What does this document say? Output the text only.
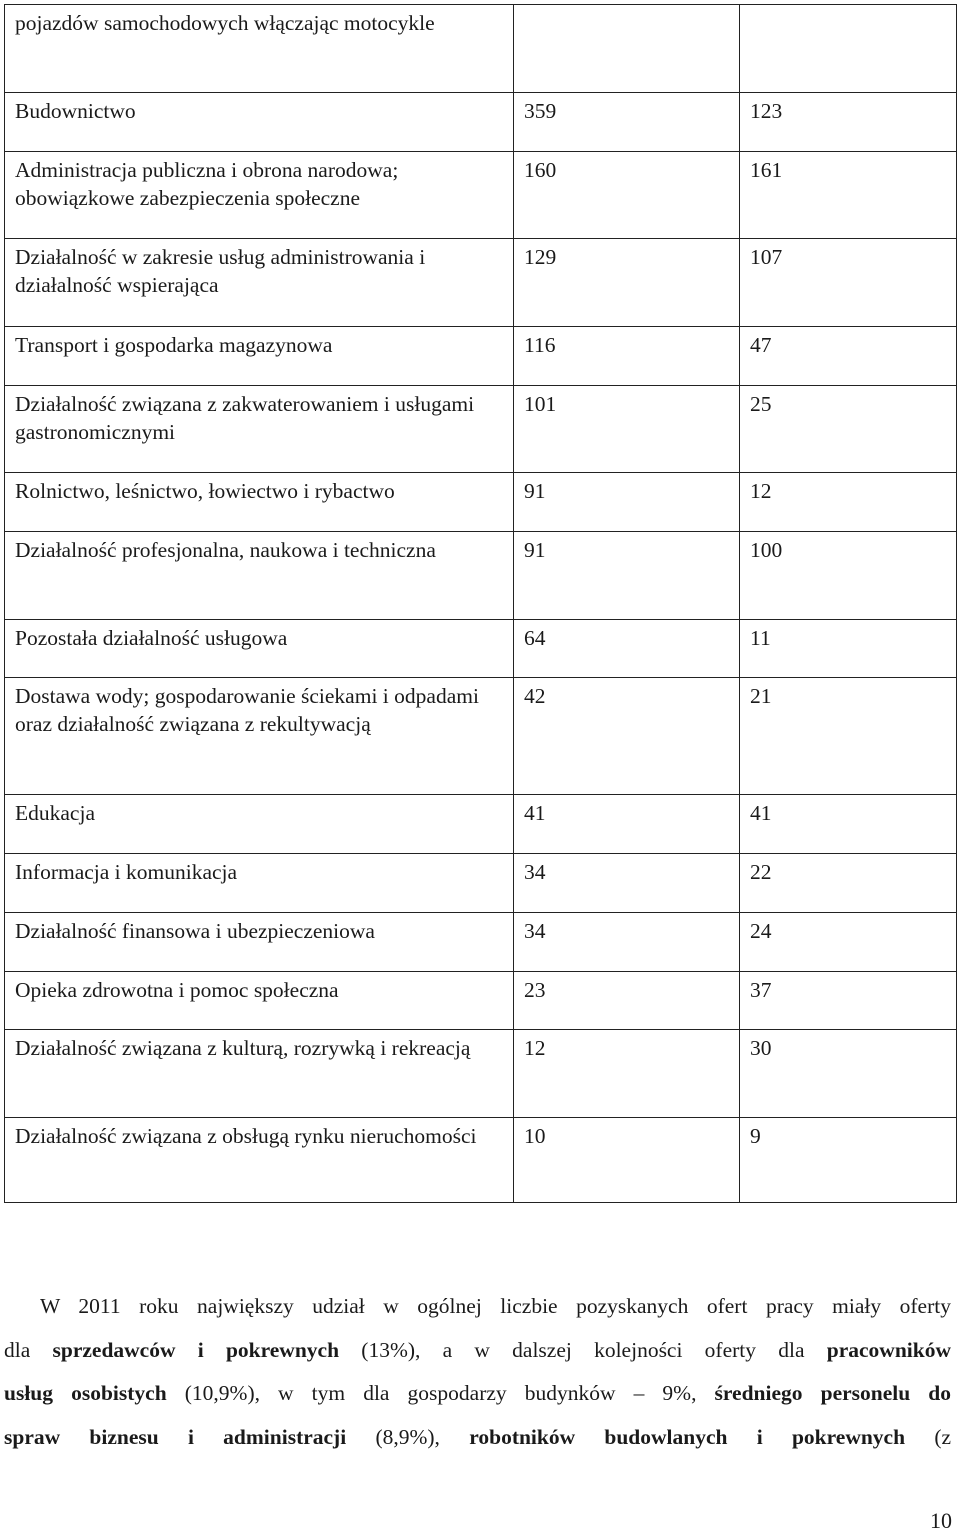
pojazdów samochodowych włączając motocykle		
Budownictwo	359	123
Administracja publiczna i obrona narodowa; obowiązkowe zabezpieczenia społeczne	160	161
Działalność w zakresie usług administrowania i działalność wspierająca	129	107
Transport i gospodarka magazynowa	116	47
Działalność związana z zakwaterowaniem i usługami gastronomicznymi	101	25
Rolnictwo, leśnictwo, łowiectwo i rybactwo	91	12
Działalność profesjonalna, naukowa i techniczna	91	100
Pozostała działalność usługowa	64	11
Dostawa wody; gospodarowanie ściekami i odpadami oraz działalność związana z rekultywacją	42	21
Edukacja	41	41
Informacja i komunikacja	34	22
Działalność finansowa i ubezpieczeniowa	34	24
Opieka zdrowotna i pomoc społeczna	23	37
Działalność związana z kulturą, rozrywką i rekreacją	12	30
Działalność związana z obsługą rynku nieruchomości	10	9

W 2011 roku największy udział w ogólnej liczbie pozyskanych ofert pracy miały oferty
dla sprzedawców i pokrewnych (13%), a w dalszej kolejności oferty dla pracowników
usług osobistych (10,9%), w tym dla gospodarzy budynków – 9%, średniego personelu do
spraw biznesu i administracji (8,9%), robotników budowlanych i pokrewnych (z

10
